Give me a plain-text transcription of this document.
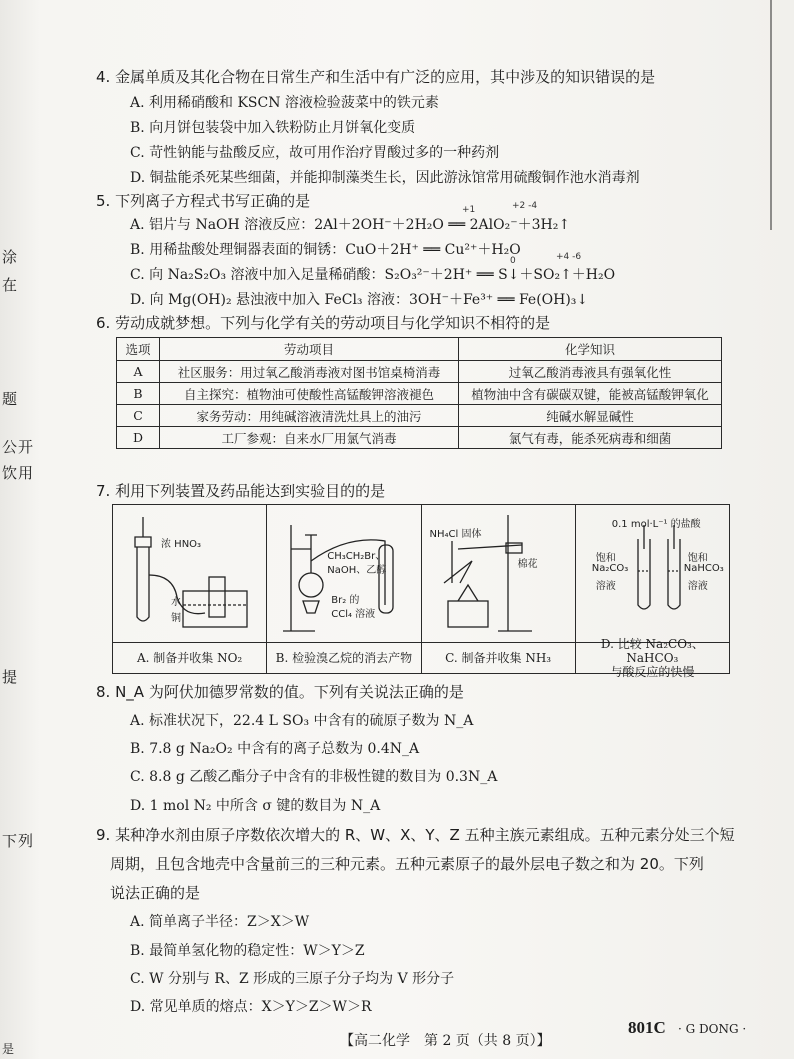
涂
在
题
公开
饮用
提
下列
是
4. 金属单质及其化合物在日常生产和生活中有广泛的应用，其中涉及的知识错误的是
A. 利用稀硝酸和 KSCN 溶液检验菠菜中的铁元素
B. 向月饼包装袋中加入铁粉防止月饼氧化变质
C. 苛性钠能与盐酸反应，故可用作治疗胃酸过多的一种药剂
D. 铜盐能杀死某些细菌，并能抑制藻类生长，因此游泳馆常用硫酸铜作池水消毒剂
5. 下列离子方程式书写正确的是	+1	+2 -4
A. 铝片与 NaOH 溶液反应：2Al＋2OH⁻＋2H₂O ══ 2AlO₂⁻＋3H₂↑
B. 用稀盐酸处理铜器表面的铜锈：CuO＋2H⁺ ══ Cu²⁺＋H₂O
0	+4 -6
C. 向 Na₂S₂O₃ 溶液中加入足量稀硝酸：S₂O₃²⁻＋2H⁺ ══ S↓＋SO₂↑＋H₂O
D. 向 Mg(OH)₂ 悬浊液中加入 FeCl₃ 溶液：3OH⁻＋Fe³⁺ ══ Fe(OH)₃↓
6. 劳动成就梦想。下列与化学有关的劳动项目与化学知识不相符的是
选项	劳动项目	化学知识
A	社区服务：用过氧乙酸消毒液对图书馆桌椅消毒	过氧乙酸消毒液具有强氧化性
B	自主探究：植物油可使酸性高锰酸钾溶液褪色	植物油中含有碳碳双键，能被高锰酸钾氧化
C	家务劳动：用纯碱溶液清洗灶具上的油污	纯碱水解显碱性
D	工厂参观：自来水厂用氯气消毒	氯气有毒，能杀死病毒和细菌
7. 利用下列装置及药品能达到实验目的的是
浓 HNO₃
水
铜
A. 制备并收集 NO₂
CH₃CH₂Br、
NaOH、乙醇
Br₂ 的
CCl₄ 溶液
B. 检验溴乙烷的消去产物
NH₄Cl 固体
棉花
C. 制备并收集 NH₃
0.1 mol·L⁻¹ 的盐酸
饱和
Na₂CO₃
溶液
饱和
NaHCO₃
溶液
D. 比较 Na₂CO₃、NaHCO₃
与酸反应的快慢
8. N_A 为阿伏加德罗常数的值。下列有关说法正确的是
A. 标准状况下，22.4 L SO₃ 中含有的硫原子数为 N_A
B. 7.8 g Na₂O₂ 中含有的离子总数为 0.4N_A
C. 8.8 g 乙酸乙酯分子中含有的非极性键的数目为 0.3N_A
D. 1 mol N₂ 中所含 σ 键的数目为 N_A
9. 某种净水剂由原子序数依次增大的 R、W、X、Y、Z 五种主族元素组成。五种元素分处三个短
周期，且包含地壳中含量前三的三种元素。五种元素原子的最外层电子数之和为 20。下列
说法正确的是
A. 简单离子半径：Z＞X＞W
B. 最简单氢化物的稳定性：W＞Y＞Z
C. W 分别与 R、Z 形成的三原子分子均为 V 形分子
D. 常见单质的熔点：X＞Y＞Z＞W＞R
【高二化学　第 2 页（共 8 页）】
801C · G DONG ·
